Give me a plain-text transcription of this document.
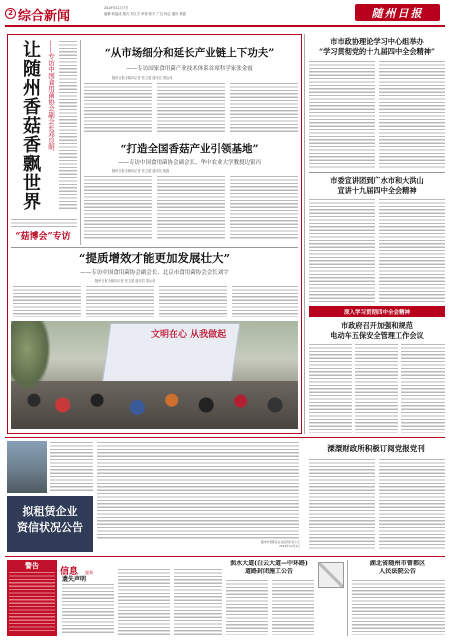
2 综合新闻
2019年11月7日
编辑·何福成 版式·刘文字 审校·郭宇 广告·杨志 通讯·黄露	随州日报
让随州香菇香飘世界 ——专访中国食用菌协会副会长邓良明
“菇博会”专访
“从市场细分和延长产业链上下功夫”
——专访国家食用菌产业技术体系首席科学家张金霞
随州日报全媒体记者 张卫超 通讯员 胡运涛
“打造全国香菇产业引领基地”
——专访中国食用菌协会副会长、华中农业大学教授边银丙
随州日报全媒体记者 张卫超 通讯员 黄露
“提质增效才能更加发展壮大”
——专访中国食用菌协会副会长、北京市食用菌协会会长刘宇
随州日报全媒体记者 张卫超 通讯员 胡运涛
文明在心 从我做起
市市政协理论学习中心组举办
“学习贯彻党的十九届四中全会精神”
市委宣讲团到广水市和大洪山
宣讲十九届四中全会精神
深入学习贯彻四中全会精神
市政府召开加强和规范
电动车五保安全管理工作会议
拟租赁企业
资信状况公告
随州市曾都区企业信用状况公示
2019年12月1日
溧澴财政所积极订阅党报党刊
警告
信息 服务
遗失声明
涢水大道(白云大道—中环路)
道路封闭施工公告
湖北省随州市曾都区
人民法院公告
